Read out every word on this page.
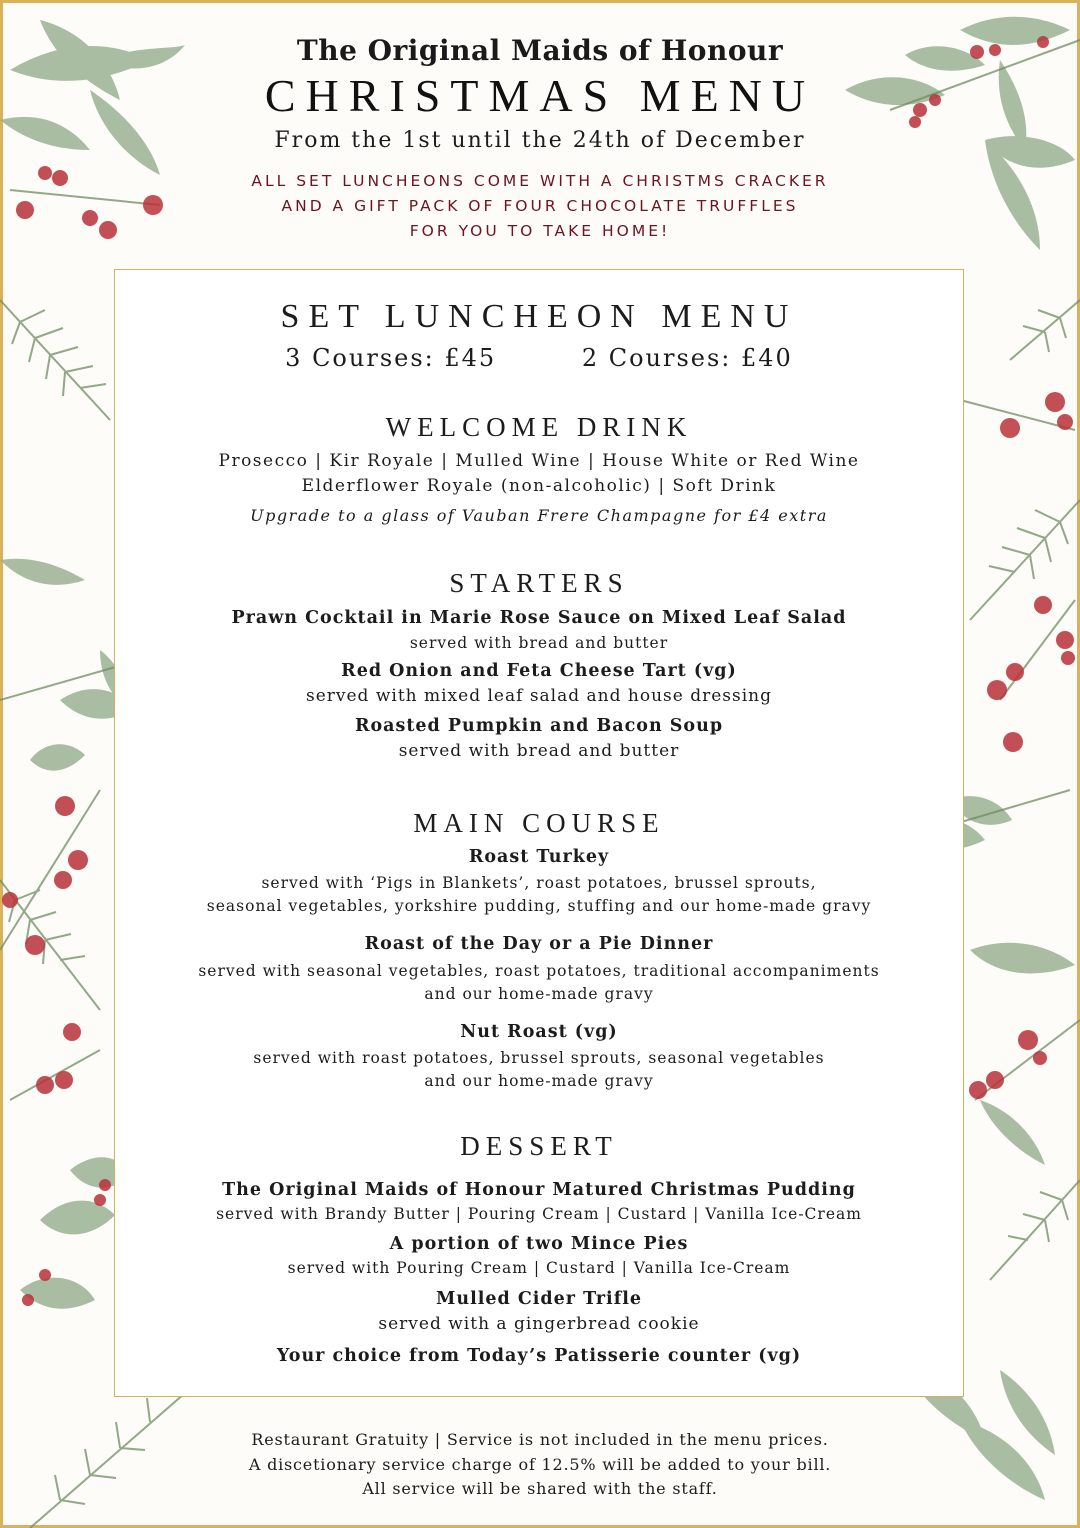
The Original Maids of Honour

CHRISTMAS MENU

From the 1st until the 24th of December

ALL SET LUNCHEONS COME WITH A CHRISTMS CRACKER
AND A GIFT PACK OF FOUR CHOCOLATE TRUFFLES
FOR YOU TO TAKE HOME!
SET LUNCHEON MENU
3 Courses: £45	2 Courses: £40
WELCOME DRINK
Prosecco | Kir Royale | Mulled Wine | House White or Red Wine
Elderflower Royale (non-alcoholic) | Soft Drink
Upgrade to a glass of Vauban Frere Champagne for £4 extra
STARTERS
Prawn Cocktail in Marie Rose Sauce on Mixed Leaf Salad
served with bread and butter
Red Onion and Feta Cheese Tart (vg)
served with mixed leaf salad and house dressing
Roasted Pumpkin and Bacon Soup
served with bread and butter
MAIN COURSE
Roast Turkey
served with ‘Pigs in Blankets’, roast potatoes, brussel sprouts,
seasonal vegetables, yorkshire pudding, stuffing and our home-made gravy
Roast of the Day or a Pie Dinner
served with seasonal vegetables, roast potatoes, traditional accompaniments
and our home-made gravy
Nut Roast (vg)
served with roast potatoes, brussel sprouts, seasonal vegetables
and our home-made gravy
DESSERT
The Original Maids of Honour Matured Christmas Pudding
served with Brandy Butter | Pouring Cream | Custard | Vanilla Ice-Cream
A portion of two Mince Pies
served with Pouring Cream | Custard | Vanilla Ice-Cream
Mulled Cider Trifle
served with a gingerbread cookie
Your choice from Today’s Patisserie counter (vg)
Restaurant Gratuity | Service is not included in the menu prices.
A discetionary service charge of 12.5% will be added to your bill.
All service will be shared with the staff.
